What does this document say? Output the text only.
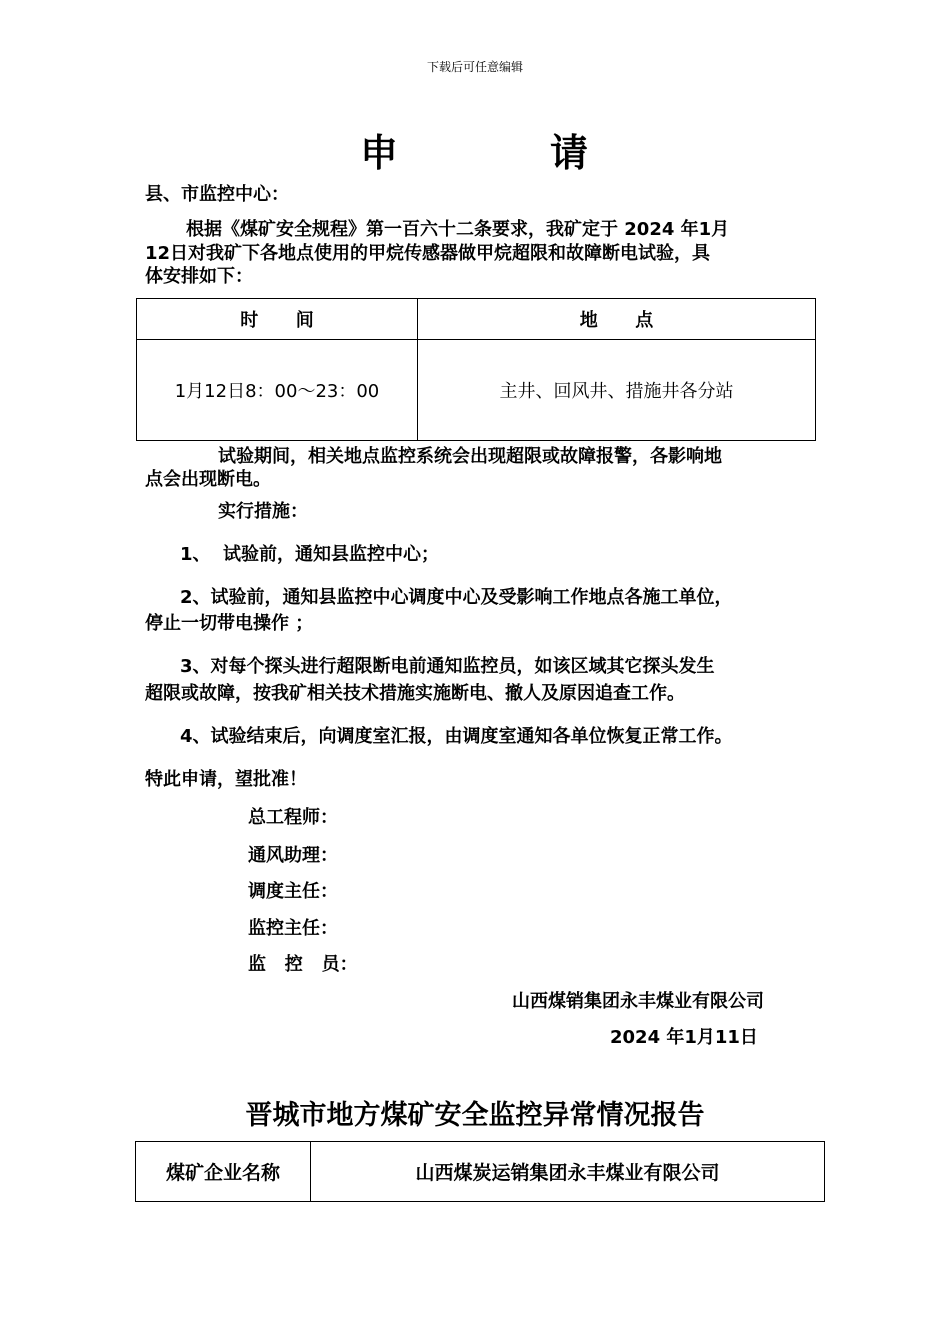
下载后可任意编辑
申	请
县、市监控中心：
根据《煤矿安全规程》第一百六十二条要求，我矿定于 2024 年1月
12日对我矿下各地点使用的甲烷传感器做甲烷超限和故障断电试验，具
体安排如下：
时      间	地      点
1月12日8：00～23：00	主井、回风井、措施井各分站
试验期间，相关地点监控系统会出现超限或故障报警，各影响地
点会出现断电。
实行措施：
1、  试验前，通知县监控中心；
2、试验前，通知县监控中心调度中心及受影响工作地点各施工单位，
停止一切带电操作 ；
3、对每个探头进行超限断电前通知监控员，如该区域其它探头发生
超限或故障，按我矿相关技术措施实施断电、撤人及原因追查工作。
4、试验结束后，向调度室汇报，由调度室通知各单位恢复正常工作。
特此申请，望批准！
总工程师：
通风助理：
调度主任：
监控主任：
监   控   员：
山西煤销集团永丰煤业有限公司
2024 年1月11日
晋城市地方煤矿安全监控异常情况报告
煤矿企业名称	山西煤炭运销集团永丰煤业有限公司
